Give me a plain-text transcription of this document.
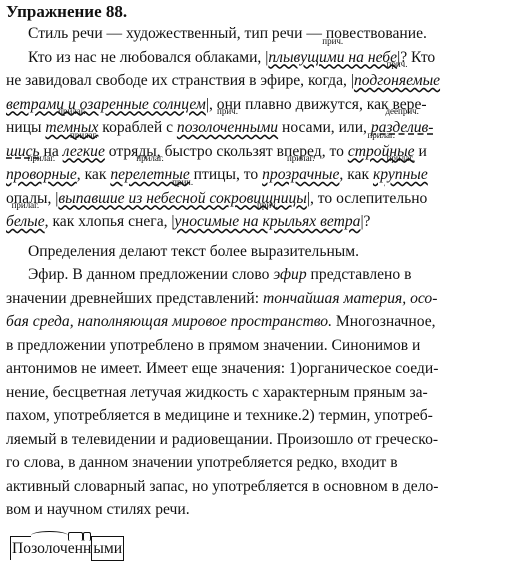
Упражнение 88.
Стиль речи — художественный, тип речи — повествование.
Кто из нас не любовался облаками, |прич. плывущими на небе|? Кто
не завидовал свободе их странствия в эфире, когда, |прич. подгоняемые
ветрами и озаренные солнцем|, они плавно движутся, как вере-
ницы прилаг. темных кораблей с прич. позолоченными носами, или, дееприч. разделив-
шись на прилаг. легкие отряды, быстро скользят вперед, то прилаг. стройные и
прилаг. проворные, как прилаг. перелетные птицы, то прилаг. прозрачные, как прилаг. крупные
опалы, |прич. выпавшие из небесной сокровищницы|, то ослепительно
прилаг. белые, как хлопья снега, |прич. уносимые на крыльях ветра|?
Определения делают текст более выразительным.
Эфир. В данном предложении слово эфир представлено в
значении древнейших представлений: тончайшая материя, осо-
бая среда, наполняющая мировое пространство. Многозначное,
в предложении употреблено в прямом значении. Синонимов и
антонимов не имеет. Имеет еще значения: 1)органическое соеди-
нение, бесцветная летучая жидкость с характерным пряным за-
пахом, употребляется в медицине и технике.2) термин, употреб-
ляемый в телевидении и радиовещании. Произошло от греческо-
го слова, в данном значении употребляется редко, входит в
активный словарный запас, но употребляется в основном в дело-
вом и научном стилях речи.
Позолоченн ыми
